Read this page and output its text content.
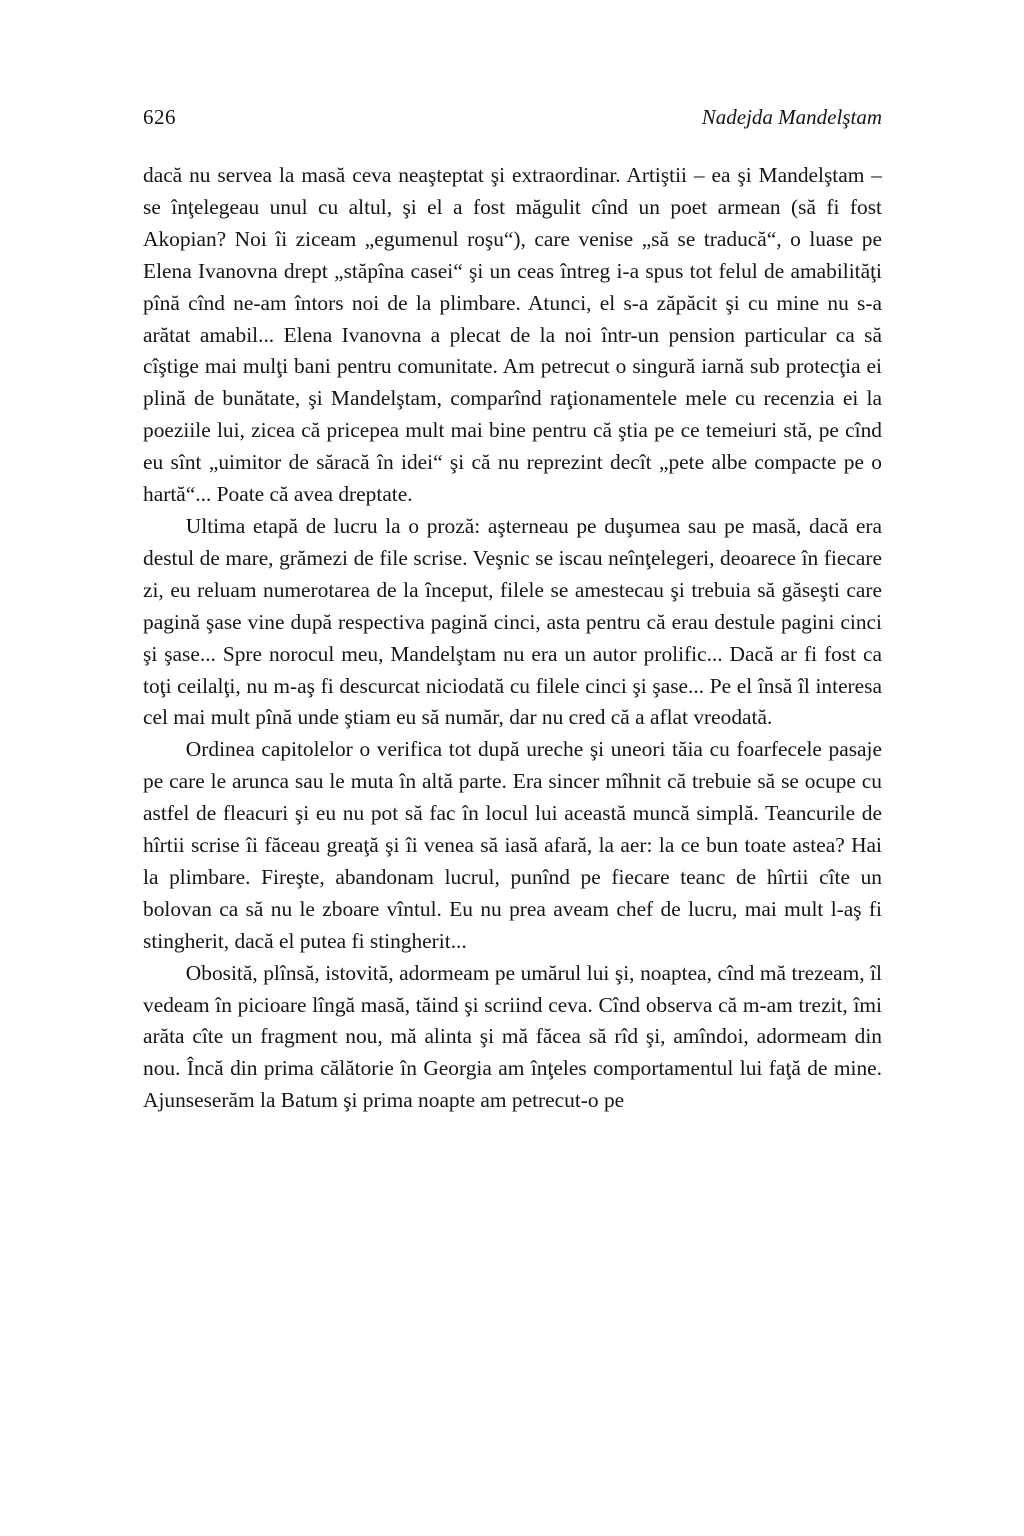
626	Nadejda Mandelştam

dacă nu servea la masă ceva neaşteptat şi extraordinar. Artiştii – ea şi Mandelştam – se înţelegeau unul cu altul, şi el a fost măgulit cînd un poet armean (să fi fost Akopian? Noi îi ziceam „egumenul roşu“), care venise „să se traducă“, o luase pe Elena Ivanovna drept „stăpîna casei“ şi un ceas întreg i-a spus tot felul de amabilităţi pînă cînd ne-am întors noi de la plimbare. Atunci, el s-a zăpăcit şi cu mine nu s-a arătat amabil... Elena Ivanovna a plecat de la noi într-un pension particular ca să cîştige mai mulţi bani pentru comunitate. Am petrecut o singură iarnă sub protecţia ei plină de bunătate, şi Mandelştam, comparînd raţionamentele mele cu recenzia ei la poeziile lui, zicea că pricepea mult mai bine pentru că ştia pe ce temeiuri stă, pe cînd eu sînt „uimitor de săracă în idei“ şi că nu reprezint decît „pete albe compacte pe o hartă“... Poate că avea dreptate.

Ultima etapă de lucru la o proză: aşterneau pe duşumea sau pe masă, dacă era destul de mare, grămezi de file scrise. Veşnic se iscau neînţelegeri, deoarece în fiecare zi, eu reluam numerotarea de la început, filele se amestecau şi trebuia să găseşti care pagină şase vine după respectiva pagină cinci, asta pentru că erau destule pagini cinci şi şase... Spre norocul meu, Mandelştam nu era un autor prolific... Dacă ar fi fost ca toţi ceilalţi, nu m-aş fi descurcat niciodată cu filele cinci şi şase... Pe el însă îl interesa cel mai mult pînă unde ştiam eu să număr, dar nu cred că a aflat vreodată.

Ordinea capitolelor o verifica tot după ureche şi uneori tăia cu foarfecele pasaje pe care le arunca sau le muta în altă parte. Era sincer mîhnit că trebuie să se ocupe cu astfel de fleacuri şi eu nu pot să fac în locul lui această muncă simplă. Teancurile de hîrtii scrise îi făceau greaţă şi îi venea să iasă afară, la aer: la ce bun toate astea? Hai la plimbare. Fireşte, abandonam lucrul, punînd pe fiecare teanc de hîrtii cîte un bolovan ca să nu le zboare vîntul. Eu nu prea aveam chef de lucru, mai mult l-aş fi stingherit, dacă el putea fi stingherit...

Obosită, plînsă, istovită, adormeam pe umărul lui şi, noaptea, cînd mă trezeam, îl vedeam în picioare lîngă masă, tăind şi scriind ceva. Cînd observa că m-am trezit, îmi arăta cîte un fragment nou, mă alinta şi mă făcea să rîd şi, amîndoi, adormeam din nou. Încă din prima călătorie în Georgia am înţeles comportamentul lui faţă de mine. Ajunseserăm la Batum şi prima noapte am petrecut-o pe
